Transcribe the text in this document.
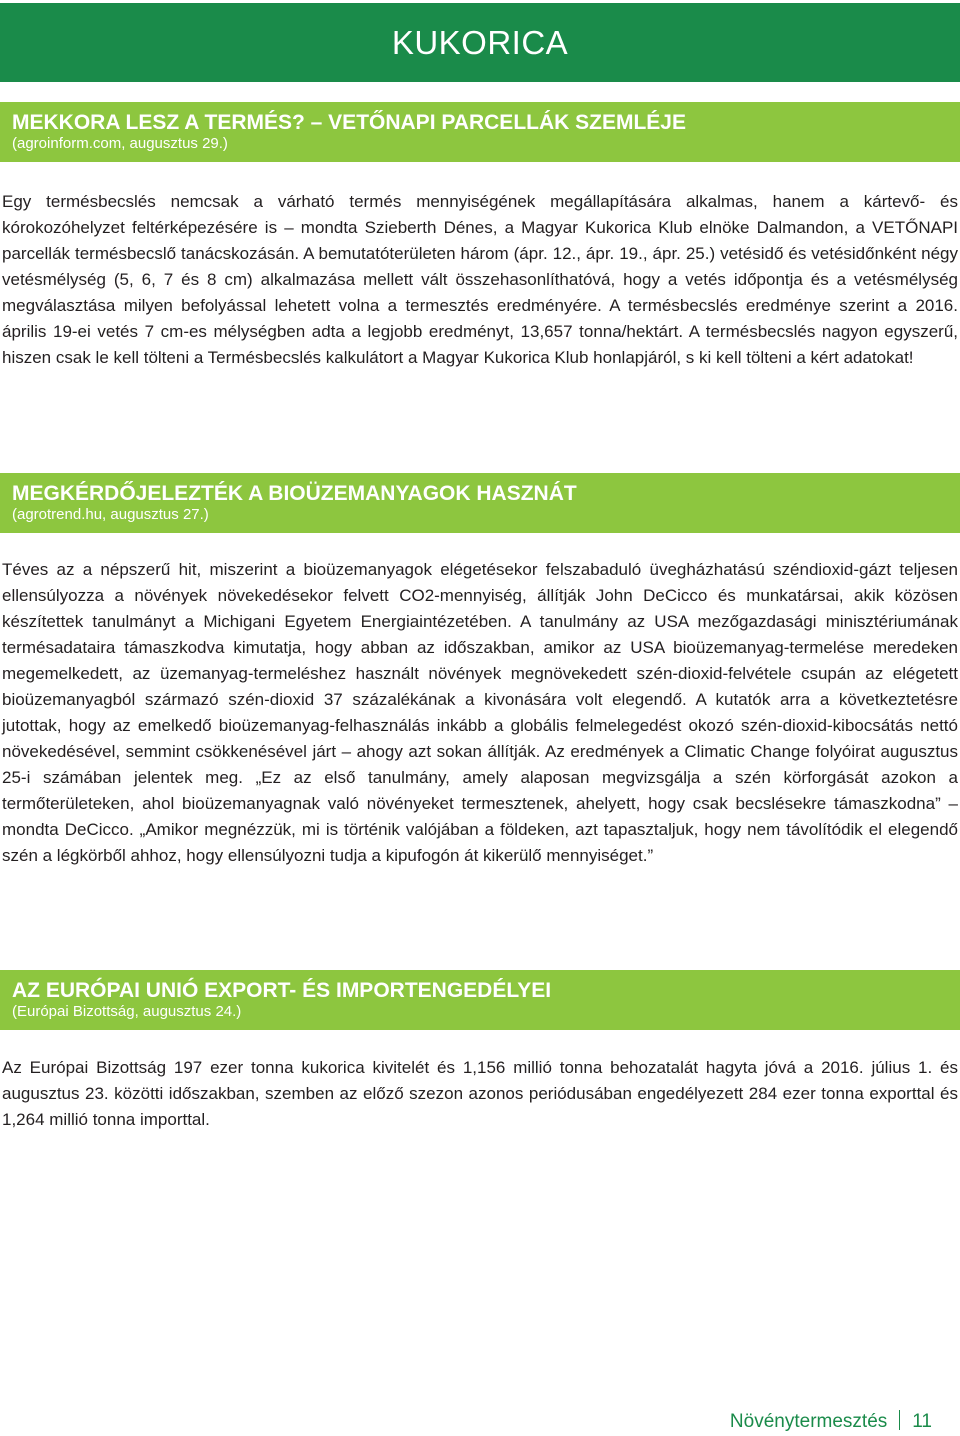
KUKORICA
MEKKORA LESZ A TERMÉS? – VETŐNAPI PARCELLÁK SZEMLÉJE
(agroinform.com, augusztus 29.)

Egy termésbecslés nemcsak a várható termés mennyiségének megállapítására alkalmas, hanem a kártevő- és kórokozóhelyzet feltérképezésére is – mondta Szieberth Dénes, a Magyar Kukorica Klub elnöke Dalmandon, a VETŐNAPI parcellák termésbecslő tanácskozásán. A bemutatóterületen három (ápr. 12., ápr. 19., ápr. 25.) vetésidő és vetésidőnként négy vetésmélység (5, 6, 7 és 8 cm) alkalmazása mellett vált összehasonlíthatóvá, hogy a vetés időpontja és a vetésmélység megválasztása milyen befolyással lehetett volna a termesztés eredményére. A termésbecslés eredménye szerint a 2016. április 19-ei vetés 7 cm-es mélységben adta a legjobb eredményt, 13,657 tonna/hektárt. A termésbecslés nagyon egyszerű, hiszen csak le kell tölteni a Termésbecslés kalkulátort a Magyar Kukorica Klub honlapjáról, s ki kell tölteni a kért adatokat!

MEGKÉRDŐJELEZTÉK A BIOÜZEMANYAGOK HASZNÁT
(agrotrend.hu, augusztus 27.)

Téves az a népszerű hit, miszerint a bioüzemanyagok elégetésekor felszabaduló üvegházhatású széndioxid-gázt teljesen ellensúlyozza a növények növekedésekor felvett CO2-mennyiség, állítják John DeCicco és munkatársai, akik közösen készítettek tanulmányt a Michigani Egyetem Energiaintézetében. A tanulmány az USA mezőgazdasági minisztériumának termésadataira támaszkodva kimutatja, hogy abban az időszakban, amikor az USA bioüzemanyag-termelése meredeken megemelkedett, az üzemanyag-termeléshez használt növények megnövekedett szén-dioxid-felvétele csupán az elégetett bioüzemanyagból származó szén-dioxid 37 százalékának a kivonására volt elegendő. A kutatók arra a következtetésre jutottak, hogy az emelkedő bioüzemanyag-felhasználás inkább a globális felmelegedést okozó szén-dioxid-kibocsátás nettó növekedésével, semmint csökkenésével járt – ahogy azt sokan állítják. Az eredmények a Climatic Change folyóirat augusztus 25-i számában jelentek meg. „Ez az első tanulmány, amely alaposan megvizsgálja a szén körforgását azokon a termőterületeken, ahol bioüzemanyagnak való növényeket termesztenek, ahelyett, hogy csak becslésekre támaszkodna” – mondta DeCicco. „Amikor megnézzük, mi is történik valójában a földeken, azt tapasztaljuk, hogy nem távolítódik el elegendő szén a légkörből ahhoz, hogy ellensúlyozni tudja a kipufogón át kikerülő mennyiséget.”

AZ EURÓPAI UNIÓ EXPORT- ÉS IMPORTENGEDÉLYEI
(Európai Bizottság, augusztus 24.)

Az Európai Bizottság 197 ezer tonna kukorica kivitelét és 1,156 millió tonna behozatalát hagyta jóvá a 2016. július 1. és augusztus 23. közötti időszakban, szemben az előző szezon azonos periódusában engedélyezett 284 ezer tonna exporttal és 1,264 millió tonna importtal.

Növénytermesztés 11
